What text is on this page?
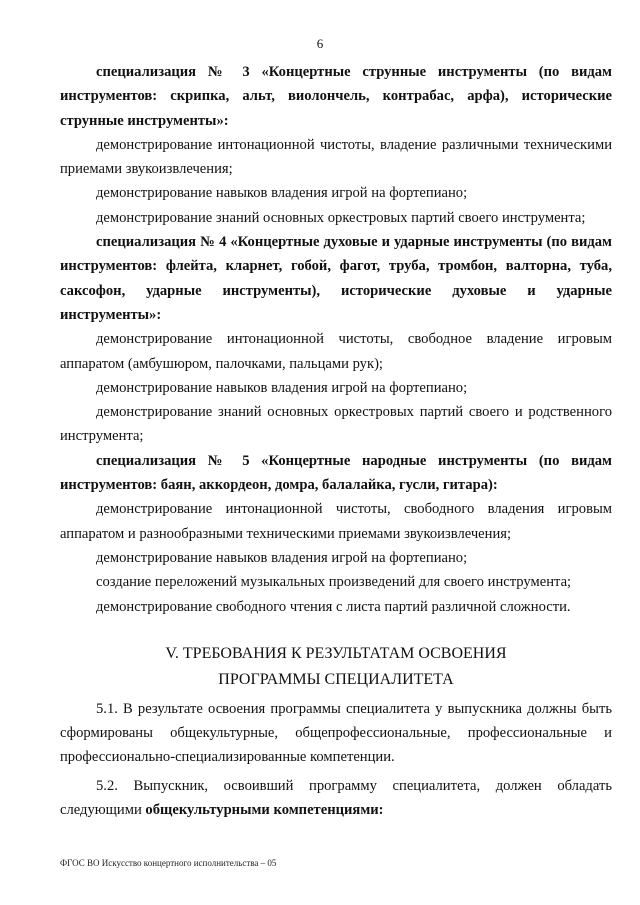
6

специализация № 3 «Концертные струнные инструменты (по видам инструментов: скрипка, альт, виолончель, контрабас, арфа), исторические струнные инструменты»:

демонстрирование интонационной чистоты, владение различными техническими приемами звукоизвлечения;

демонстрирование навыков владения игрой на фортепиано;

демонстрирование знаний основных оркестровых партий своего инструмента;

специализация № 4 «Концертные духовые и ударные инструменты (по видам инструментов: флейта, кларнет, гобой, фагот, труба, тромбон, валторна, туба, саксофон, ударные инструменты), исторические духовые и ударные инструменты»:

демонстрирование интонационной чистоты, свободное владение игровым аппаратом (амбушюром, палочками, пальцами рук);

демонстрирование навыков владения игрой на фортепиано;

демонстрирование знаний основных оркестровых партий своего и родственного инструмента;

специализация № 5 «Концертные народные инструменты (по видам инструментов: баян, аккордеон, домра, балалайка, гусли, гитара):

демонстрирование интонационной чистоты, свободного владения игровым аппаратом и разнообразными техническими приемами звукоизвлечения;

демонстрирование навыков владения игрой на фортепиано;

создание переложений музыкальных произведений для своего инструмента;

демонстрирование свободного чтения с листа партий различной сложности.

V. ТРЕБОВАНИЯ К РЕЗУЛЬТАТАМ ОСВОЕНИЯ

ПРОГРАММЫ СПЕЦИАЛИТЕТА

5.1. В результате освоения программы специалитета у выпускника должны быть сформированы общекультурные, общепрофессиональные, профессиональные и профессионально-специализированные компетенции.

5.2. Выпускник, освоивший программу специалитета, должен обладать следующими общекультурными компетенциями:

ФГОС ВО Искусство концертного исполнительства – 05
